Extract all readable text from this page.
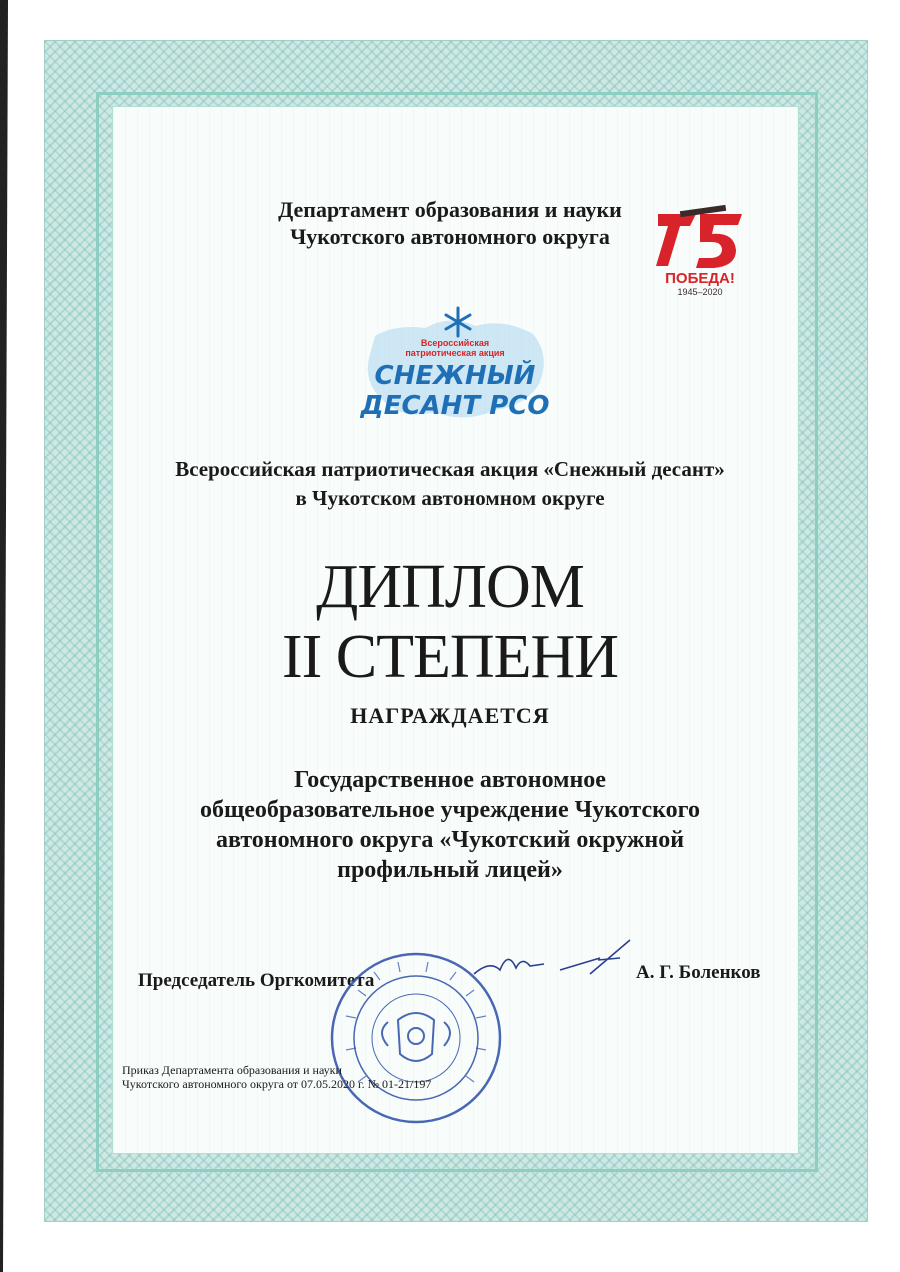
Департамент образования и науки
Чукотского автономного округа
ПОБЕДА!
1945–2020
Всероссийская
патриотическая акция
СНЕЖНЫЙ
ДЕСАНТ РСО
Всероссийская патриотическая акция «Снежный десант»
в Чукотском автономном округе
ДИПЛОМ
II СТЕПЕНИ
НАГРАЖДАЕТСЯ
Государственное автономное
общеобразовательное учреждение Чукотского
автономного округа «Чукотский окружной
профильный лицей»
Председатель Оргкомитета	А. Г. Боленков
Приказ Департамента образования и науки
Чукотского автономного округа от 07.05.2020 г. № 01-21/197
